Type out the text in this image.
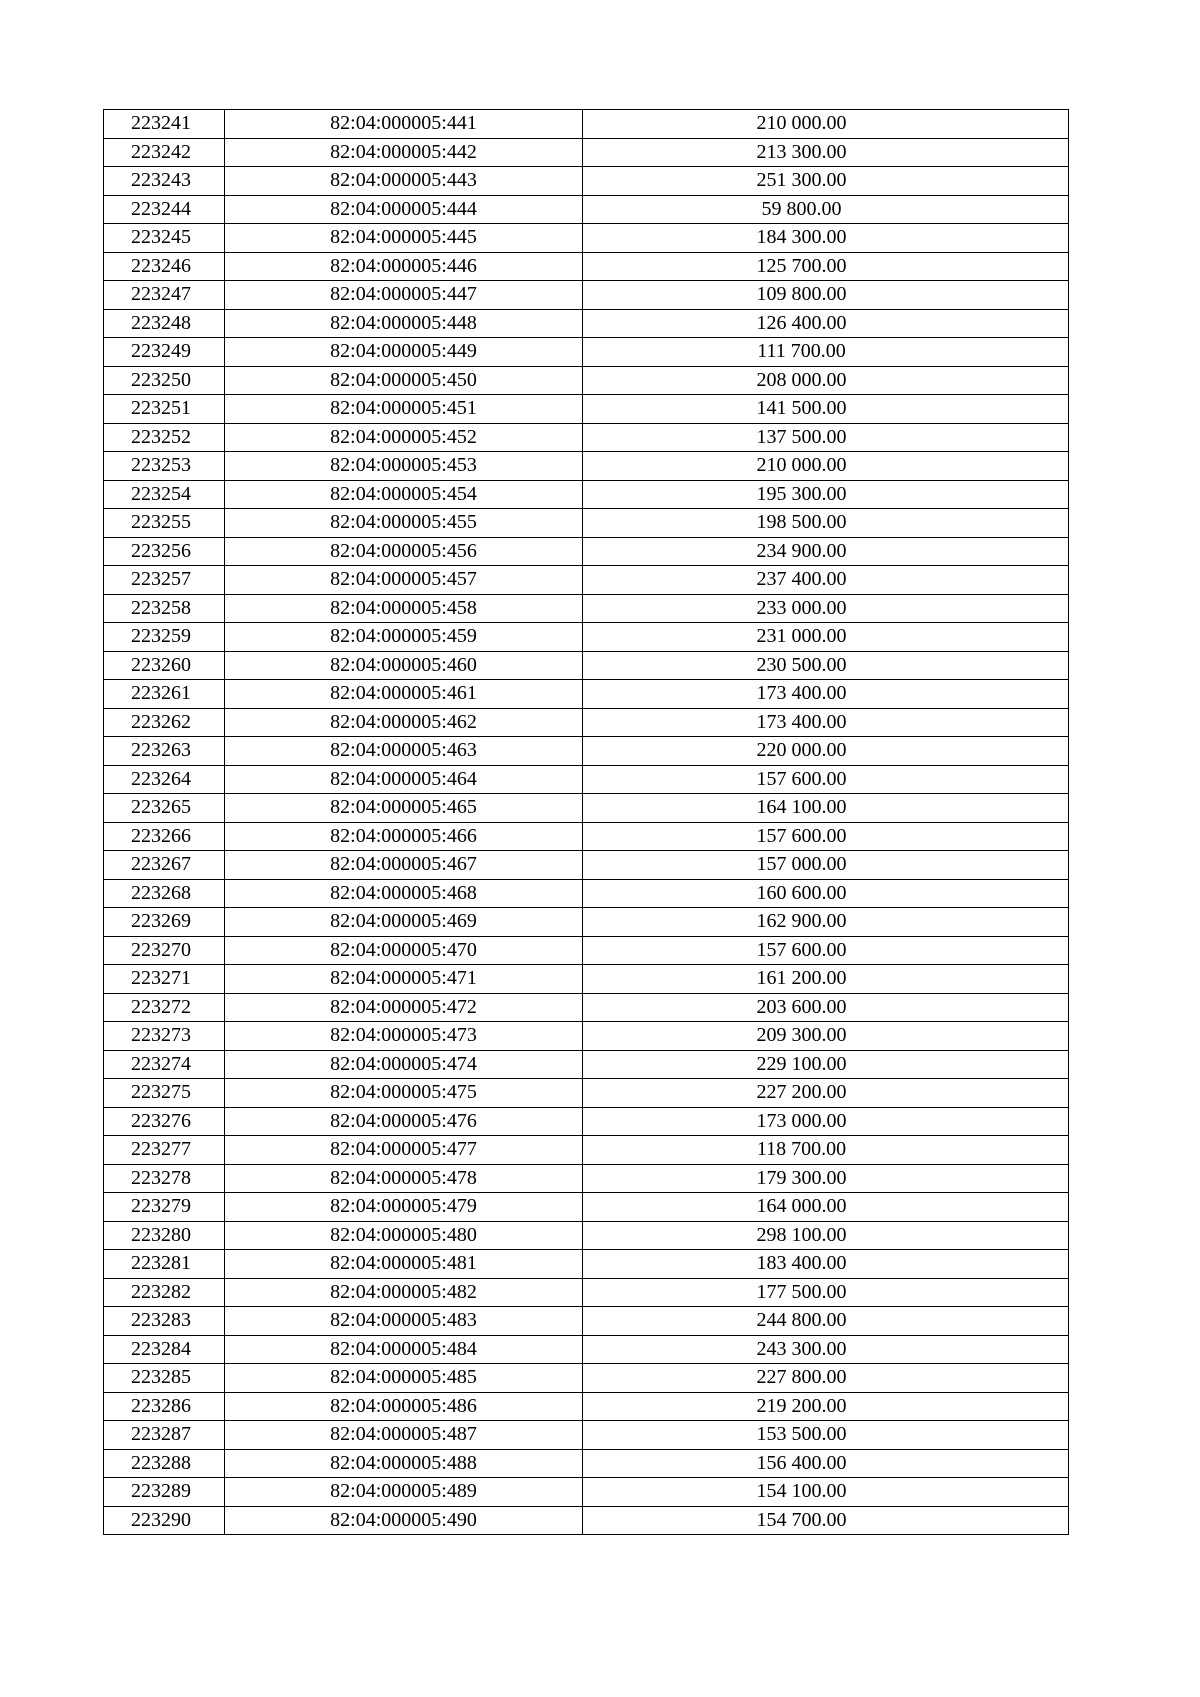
223241	82:04:000005:441	210 000.00
223242	82:04:000005:442	213 300.00
223243	82:04:000005:443	251 300.00
223244	82:04:000005:444	59 800.00
223245	82:04:000005:445	184 300.00
223246	82:04:000005:446	125 700.00
223247	82:04:000005:447	109 800.00
223248	82:04:000005:448	126 400.00
223249	82:04:000005:449	111 700.00
223250	82:04:000005:450	208 000.00
223251	82:04:000005:451	141 500.00
223252	82:04:000005:452	137 500.00
223253	82:04:000005:453	210 000.00
223254	82:04:000005:454	195 300.00
223255	82:04:000005:455	198 500.00
223256	82:04:000005:456	234 900.00
223257	82:04:000005:457	237 400.00
223258	82:04:000005:458	233 000.00
223259	82:04:000005:459	231 000.00
223260	82:04:000005:460	230 500.00
223261	82:04:000005:461	173 400.00
223262	82:04:000005:462	173 400.00
223263	82:04:000005:463	220 000.00
223264	82:04:000005:464	157 600.00
223265	82:04:000005:465	164 100.00
223266	82:04:000005:466	157 600.00
223267	82:04:000005:467	157 000.00
223268	82:04:000005:468	160 600.00
223269	82:04:000005:469	162 900.00
223270	82:04:000005:470	157 600.00
223271	82:04:000005:471	161 200.00
223272	82:04:000005:472	203 600.00
223273	82:04:000005:473	209 300.00
223274	82:04:000005:474	229 100.00
223275	82:04:000005:475	227 200.00
223276	82:04:000005:476	173 000.00
223277	82:04:000005:477	118 700.00
223278	82:04:000005:478	179 300.00
223279	82:04:000005:479	164 000.00
223280	82:04:000005:480	298 100.00
223281	82:04:000005:481	183 400.00
223282	82:04:000005:482	177 500.00
223283	82:04:000005:483	244 800.00
223284	82:04:000005:484	243 300.00
223285	82:04:000005:485	227 800.00
223286	82:04:000005:486	219 200.00
223287	82:04:000005:487	153 500.00
223288	82:04:000005:488	156 400.00
223289	82:04:000005:489	154 100.00
223290	82:04:000005:490	154 700.00
